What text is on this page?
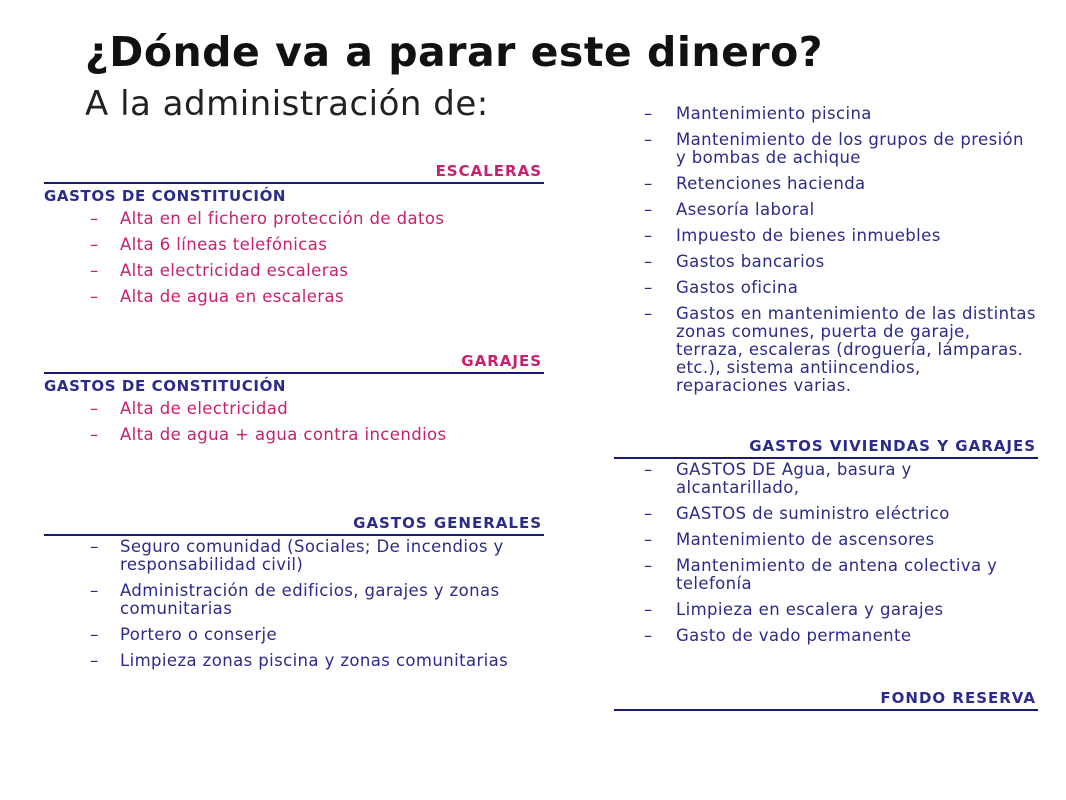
¿Dónde va a parar este dinero?
A la administración de:
ESCALERAS
GASTOS DE CONSTITUCIÓN
– Alta en el fichero protección de datos
– Alta 6 líneas telefónicas
– Alta electricidad escaleras
– Alta de agua en escaleras
GARAJES
GASTOS DE CONSTITUCIÓN
– Alta de electricidad
– Alta de agua + agua contra incendios
GASTOS GENERALES
– Seguro comunidad (Sociales; De incendios y responsabilidad civil)
– Administración de edificios, garajes y zonas comunitarias
– Portero o conserje
– Limpieza zonas piscina y zonas comunitarias
– Mantenimiento piscina
– Mantenimiento de los grupos de presión y bombas de achique
– Retenciones hacienda
– Asesoría laboral
– Impuesto de bienes inmuebles
– Gastos bancarios
– Gastos oficina
– Gastos en mantenimiento de las distintas zonas comunes, puerta de garaje, terraza, escaleras (droguería, lámparas. etc.), sistema antiincendios, reparaciones varias.
GASTOS VIVIENDAS Y GARAJES
– GASTOS DE Agua, basura y alcantarillado,
– GASTOS de suministro eléctrico
– Mantenimiento de ascensores
– Mantenimiento de antena colectiva y telefonía
– Limpieza en escalera y garajes
– Gasto de vado permanente
FONDO RESERVA
